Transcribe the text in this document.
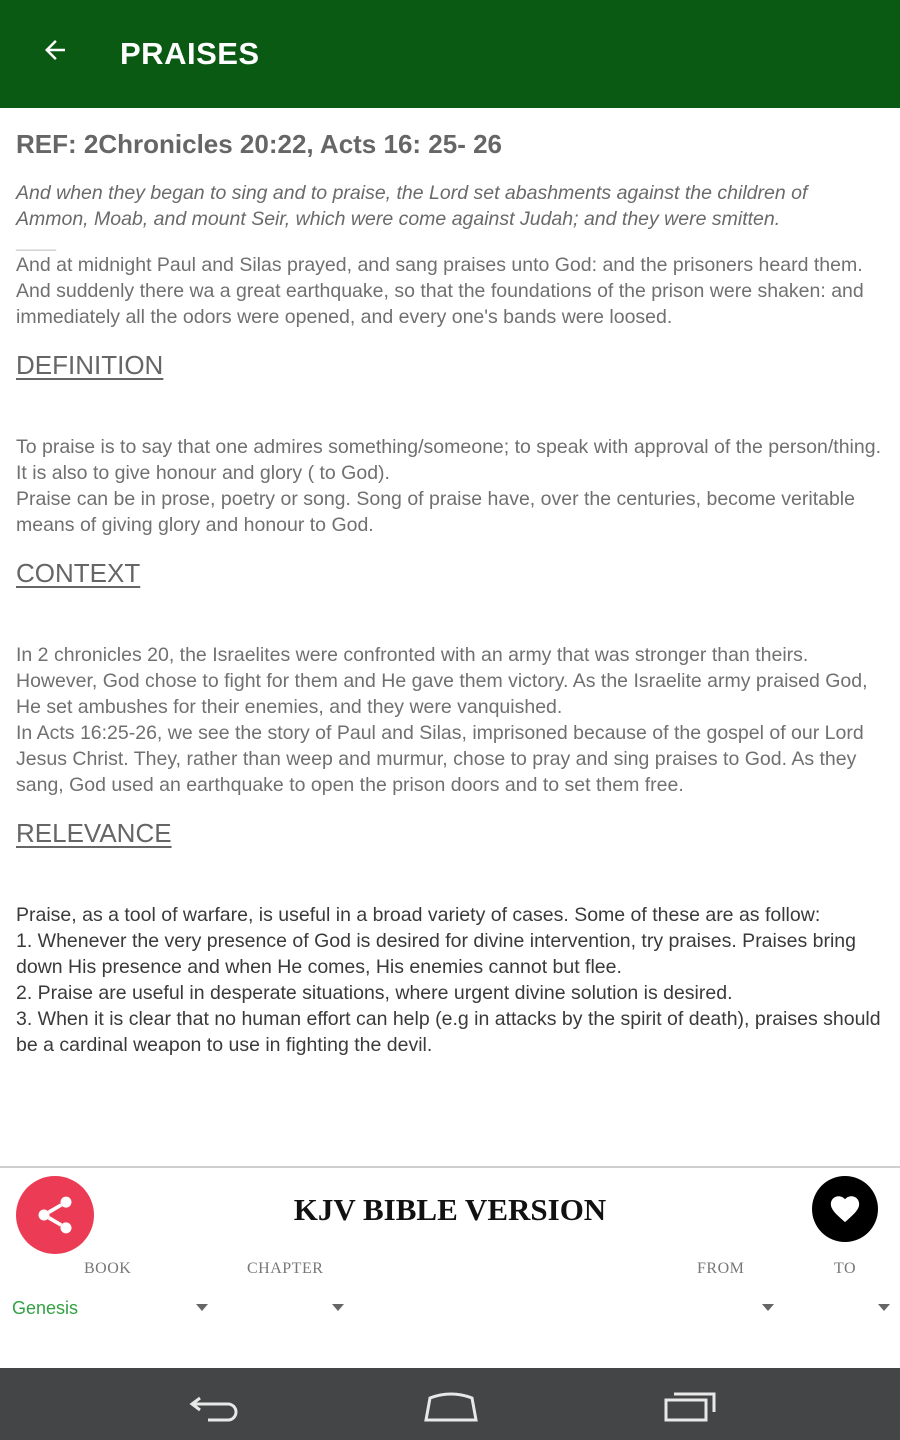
PRAISES
REF: 2Chronicles 20:22, Acts 16: 25- 26
And when they began to sing and to praise, the Lord set abashments against the children of Ammon, Moab, and mount Seir, which were come against Judah; and they were smitten.
______
And at midnight Paul and Silas prayed, and sang praises unto God: and the prisoners heard them.
And suddenly there wa a great earthquake, so that the foundations of the prison were shaken: and immediately all the odors were opened, and every one's bands were loosed.
DEFINITION
To praise is to say that one admires something/someone; to speak with approval of the person/thing. It is also to give honour and glory ( to God).
Praise can be in prose, poetry or song. Song of praise have, over the centuries, become veritable means of giving glory and honour to God.
CONTEXT
In 2 chronicles 20, the Israelites were confronted with an army that was stronger than theirs. However, God chose to fight for them and He gave them victory. As the Israelite army praised God, He set ambushes for their enemies, and they were vanquished.
In Acts 16:25-26, we see the story of Paul and Silas, imprisoned because of the gospel of our Lord Jesus Christ. They, rather than weep and murmur, chose to pray and sing praises to God. As they sang, God used an earthquake to open the prison doors and to set them free.
RELEVANCE
Praise, as a tool of warfare, is useful in a broad variety of cases. Some of these are as follow:
1. Whenever the very presence of God is desired for divine intervention, try praises. Praises bring down His presence and when He comes, His enemies cannot but flee.
2. Praise are useful in desperate situations, where urgent divine solution is desired.
3. When it is clear that no human effort can help (e.g in attacks by the spirit of death), praises should be a cardinal weapon to use in fighting the devil.
KJV BIBLE VERSION
BOOK	CHAPTER	FROM	TO
Genesis
